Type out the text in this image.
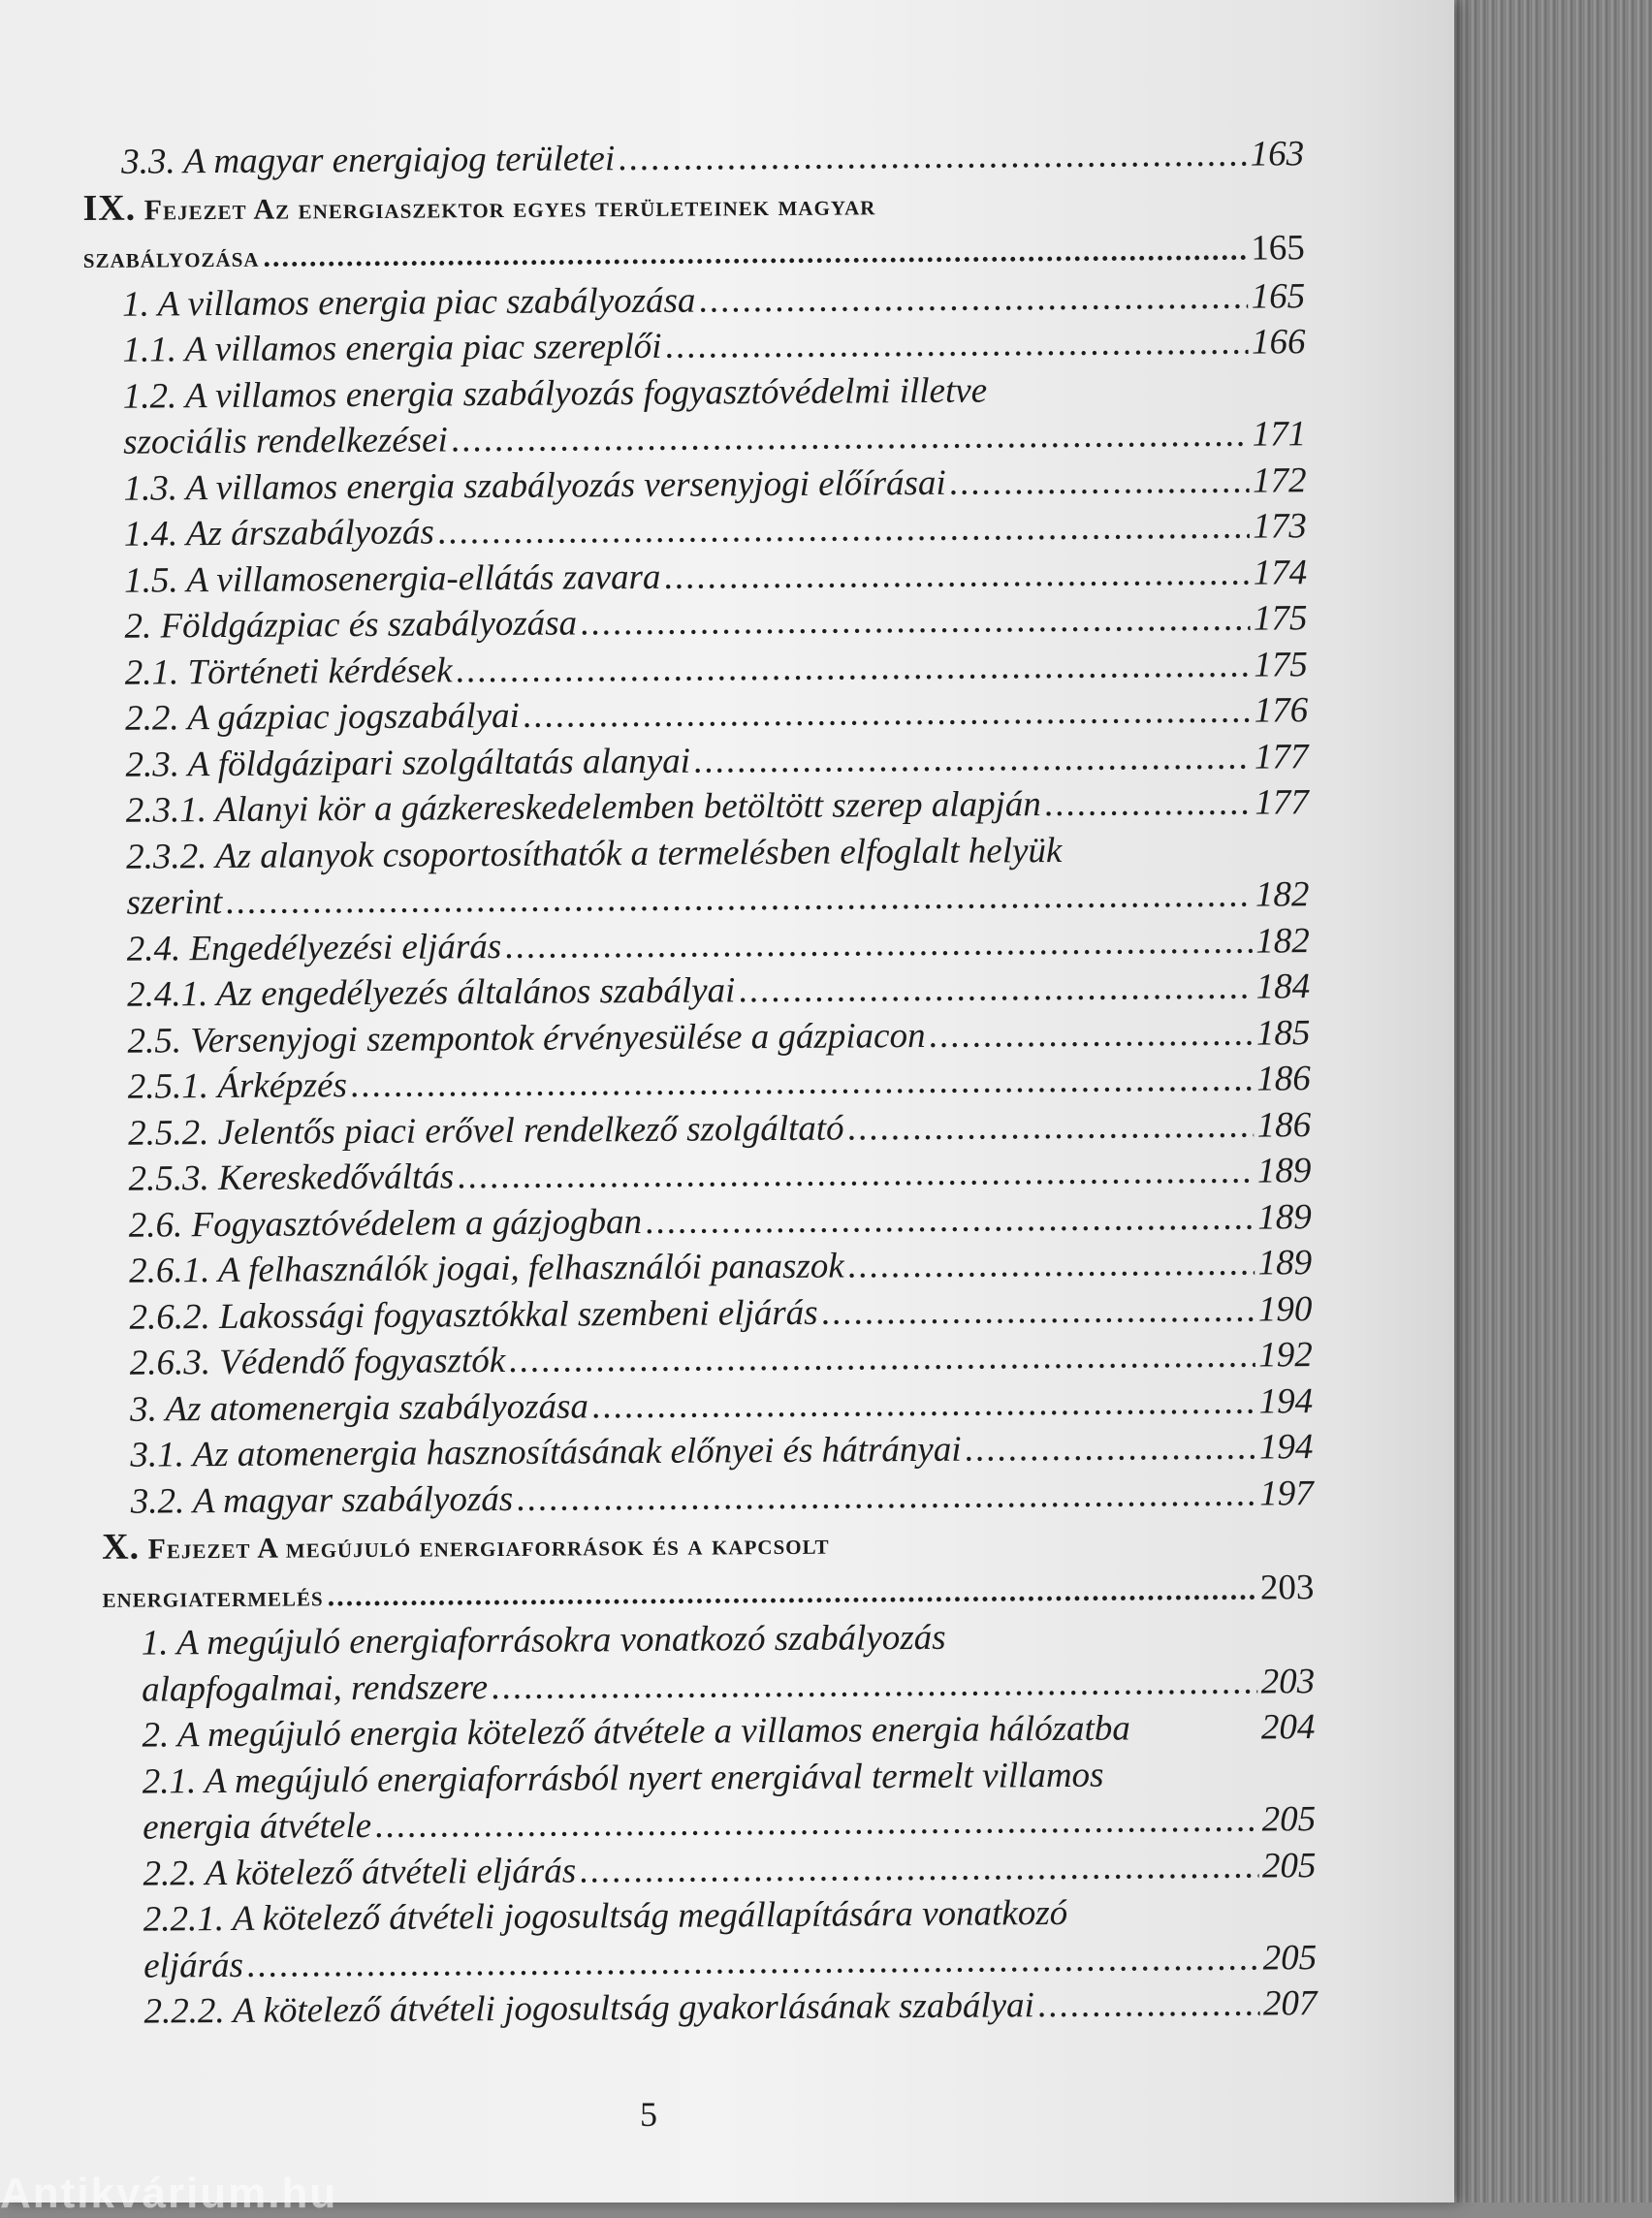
3.3. A magyar energiajog területei .....	163
IX. Fejezet Az energiaszektor egyes területeinek magyar
szabályozása .....	165
1. A villamos energia piac szabályozása .....	165
1.1. A villamos energia piac szereplői .....	166
1.2. A villamos energia szabályozás fogyasztóvédelmi illetve
szociális rendelkezései .....	171
1.3. A villamos energia szabályozás versenyjogi előírásai .....	172
1.4. Az árszabályozás .....	173
1.5. A villamosenergia-ellátás zavara .....	174
2. Földgázpiac és szabályozása .....	175
2.1. Történeti kérdések .....	175
2.2. A gázpiac jogszabályai .....	176
2.3. A földgázipari szolgáltatás alanyai .....	177
2.3.1. Alanyi kör a gázkereskedelemben betöltött szerep alapján .....	177
2.3.2. Az alanyok csoportosíthatók a termelésben elfoglalt helyük
szerint .....	182
2.4. Engedélyezési eljárás .....	182
2.4.1. Az engedélyezés általános szabályai .....	184
2.5. Versenyjogi szempontok érvényesülése a gázpiacon .....	185
2.5.1. Árképzés .....	186
2.5.2. Jelentős piaci erővel rendelkező szolgáltató .....	186
2.5.3. Kereskedőváltás .....	189
2.6. Fogyasztóvédelem a gázjogban .....	189
2.6.1. A felhasználók jogai, felhasználói panaszok .....	189
2.6.2. Lakossági fogyasztókkal szembeni eljárás .....	190
2.6.3. Védendő fogyasztók .....	192
3. Az atomenergia szabályozása .....	194
3.1. Az atomenergia hasznosításának előnyei és hátrányai .....	194
3.2. A magyar szabályozás .....	197
X. Fejezet A megújuló energiaforrások és a kapcsolt
energiatermelés .....	203
1. A megújuló energiaforrásokra vonatkozó szabályozás
alapfogalmai, rendszere .....	203
2. A megújuló energia kötelező átvétele a villamos energia hálózatba	204
2.1. A megújuló energiaforrásból nyert energiával termelt villamos
energia átvétele .....	205
2.2. A kötelező átvételi eljárás .....	205
2.2.1. A kötelező átvételi jogosultság megállapítására vonatkozó
eljárás .....	205
2.2.2. A kötelező átvételi jogosultság gyakorlásának szabályai .....	207
5
Antikvárium.hu
